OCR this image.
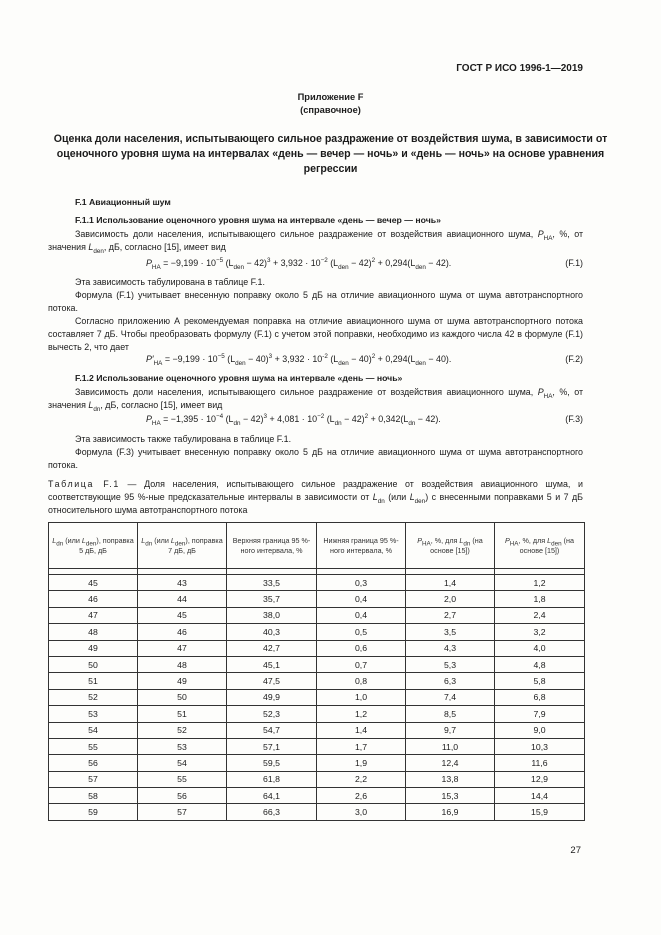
ГОСТ Р ИСО 1996-1—2019
Приложение F
(справочное)
Оценка доли населения, испытывающего сильное раздражение от воздействия шума, в зависимости от оценочного уровня шума на интервалах «день — вечер — ночь» и «день — ночь» на основе уравнения регрессии
F.1 Авиационный шум
F.1.1 Использование оценочного уровня шума на интервале «день — вечер — ночь»
Зависимость доли населения, испытывающего сильное раздражение от воздействия авиационного шума, $P_{HA}$, %, от значения $L_{den}$, дБ, согласно [15], имеет вид
$P_{HA} = -9,199 \cdot 10^{-5}$ $(L_{den} - 42)^3 + 3,932 \cdot 10^{-2}$ $(L_{den} - 42)^2 + 0,294(L_{den} - 42)$.	(F.1)
Эта зависимость табулирована в таблице F.1.
Формула (F.1) учитывает внесенную поправку около 5 дБ на отличие авиационного шума от шума автотранспортного потока.
Согласно приложению А рекомендуемая поправка на отличие авиационного шума от шума автотранспортного потока составляет 7 дБ. Чтобы преобразовать формулу (F.1) с учетом этой поправки, необходимо из каждого числа 42 в формуле (F.1) вычесть 2, что дает
$P'_{HA} = -9,199 \cdot 10^{-5}$ $(L_{den} - 40)^3 + 3,932 \cdot 10^{-2}$ $(L_{den} - 40)^2 + 0,294(L_{den} - 40)$.	(F.2)
F.1.2 Использование оценочного уровня шума на интервале «день — ночь»
Зависимость доли населения, испытывающего сильное раздражение от воздействия авиационного шума, $P_{HA}$, %, от значения $L_{dn}$, дБ, согласно [15], имеет вид
$P_{HA} = -1,395 \cdot 10^{-4}$ $(L_{dn} - 42)^3 + 4,081 \cdot 10^{-2}$ $(L_{dn} - 42)^2 + 0,342(L_{dn} - 42)$.	(F.3)
Эта зависимость также табулирована в таблице F.1.
Формула (F.3) учитывает внесенную поправку около 5 дБ на отличие авиационного шума от шума автотранспортного потока.
Таблица F.1 — Доля населения, испытывающего сильное раздражение от воздействия авиационного шума, и соответствующие 95 %-ные предсказательные интервалы в зависимости от $L_{dn}$ (или $L_{den}$) с внесенными поправками 5 и 7 дБ относительного шума автотранспортного потока
$L_{dn}$ (или $L_{den}$), поправка 5 дБ, дБ	$L_{dn}$ (или $L_{den}$), поправка 7 дБ, дБ	Верхняя граница 95 %-ного интервала, %	Нижняя граница 95 %-ного интервала, %	$P_{HA}$, %, для $L_{dn}$ (на основе [15])	$P_{HA}$, %, для $L_{den}$ (на основе [15])

45	43	33,5	0,3	1,4	1,2
46	44	35,7	0,4	2,0	1,8
47	45	38,0	0,4	2,7	2,4
48	46	40,3	0,5	3,5	3,2
49	47	42,7	0,6	4,3	4,0
50	48	45,1	0,7	5,3	4,8
51	49	47,5	0,8	6,3	5,8
52	50	49,9	1,0	7,4	6,8
53	51	52,3	1,2	8,5	7,9
54	52	54,7	1,4	9,7	9,0
55	53	57,1	1,7	11,0	10,3
56	54	59,5	1,9	12,4	11,6
57	55	61,8	2,2	13,8	12,9
58	56	64,1	2,6	15,3	14,4
59	57	66,3	3,0	16,9	15,9
27
